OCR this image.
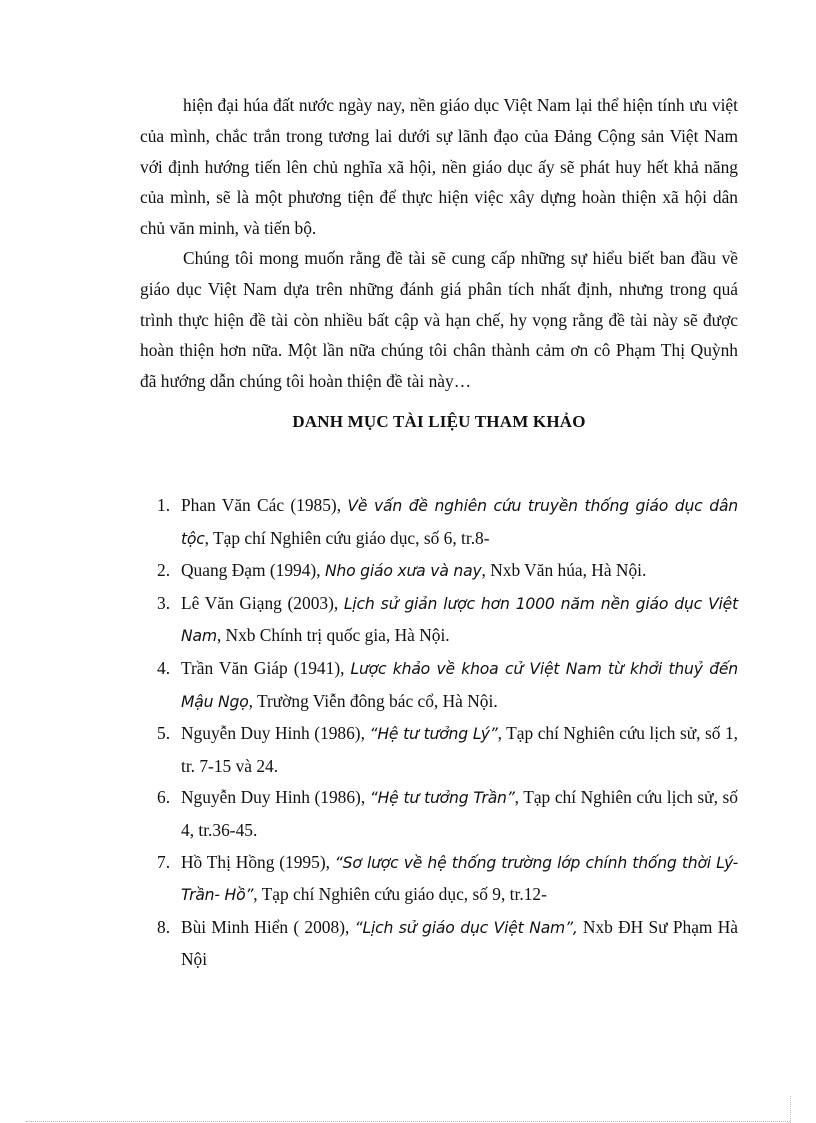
hiện đại húa đất nước ngày nay, nền giáo dục Việt Nam lại thể hiện tính ưu việt của mình, chắc trắn trong tương lai dưới sự lãnh đạo của Đảng Cộng sản Việt Nam với định hướng tiến lên chủ nghĩa xã hội, nền giáo dục ấy sẽ phát huy hết khả năng của mình, sẽ là một phương tiện để thực hiện việc xây dựng hoàn thiện xã hội dân chủ văn minh, và tiến bộ.

Chúng tôi mong muốn rằng đề tài sẽ cung cấp những sự hiểu biết ban đầu về giáo dục Việt Nam dựa trên những đánh giá phân tích nhất định, nhưng trong quá trình thực hiện đề tài còn nhiều bất cập và hạn chế, hy vọng rằng đề tài này sẽ được hoàn thiện hơn nữa. Một lần nữa chúng tôi chân thành cảm ơn cô Phạm Thị Quỳnh đã hướng dẫn chúng tôi hoàn thiện đề tài này…

DANH MỤC TÀI LIỆU THAM KHẢO
1. Phan Văn Các (1985), Về vấn đề nghiên cứu truyền thống giáo dục dân tộc, Tạp chí Nghiên cứu giáo dục, số 6, tr.8-
2. Quang Đạm (1994), Nho giáo xưa và nay, Nxb Văn húa, Hà Nội.
3. Lê Văn Giạng (2003), Lịch sử giản lược hơn 1000 năm nền giáo dục Việt Nam, Nxb Chính trị quốc gia, Hà Nội.
4. Trần Văn Giáp (1941), Lược khảo về khoa cử Việt Nam từ khởi thuỷ đến Mậu Ngọ, Trường Viễn đông bác cổ, Hà Nội.
5. Nguyễn Duy Hinh (1986), “Hệ tư tưởng Lý”, Tạp chí Nghiên cứu lịch sử, số 1, tr. 7-15 và 24.
6. Nguyễn Duy Hinh (1986), “Hệ tư tưởng Trần”, Tạp chí Nghiên cứu lịch sử, số 4, tr.36-45.
7. Hồ Thị Hồng (1995), “Sơ lược về hệ thống trường lớp chính thống thời Lý-Trần- Hồ”, Tạp chí Nghiên cứu giáo dục, số 9, tr.12-
8. Bùi Minh Hiển ( 2008), “Lịch sử giáo dục Việt Nam”, Nxb ĐH Sư Phạm Hà Nội
